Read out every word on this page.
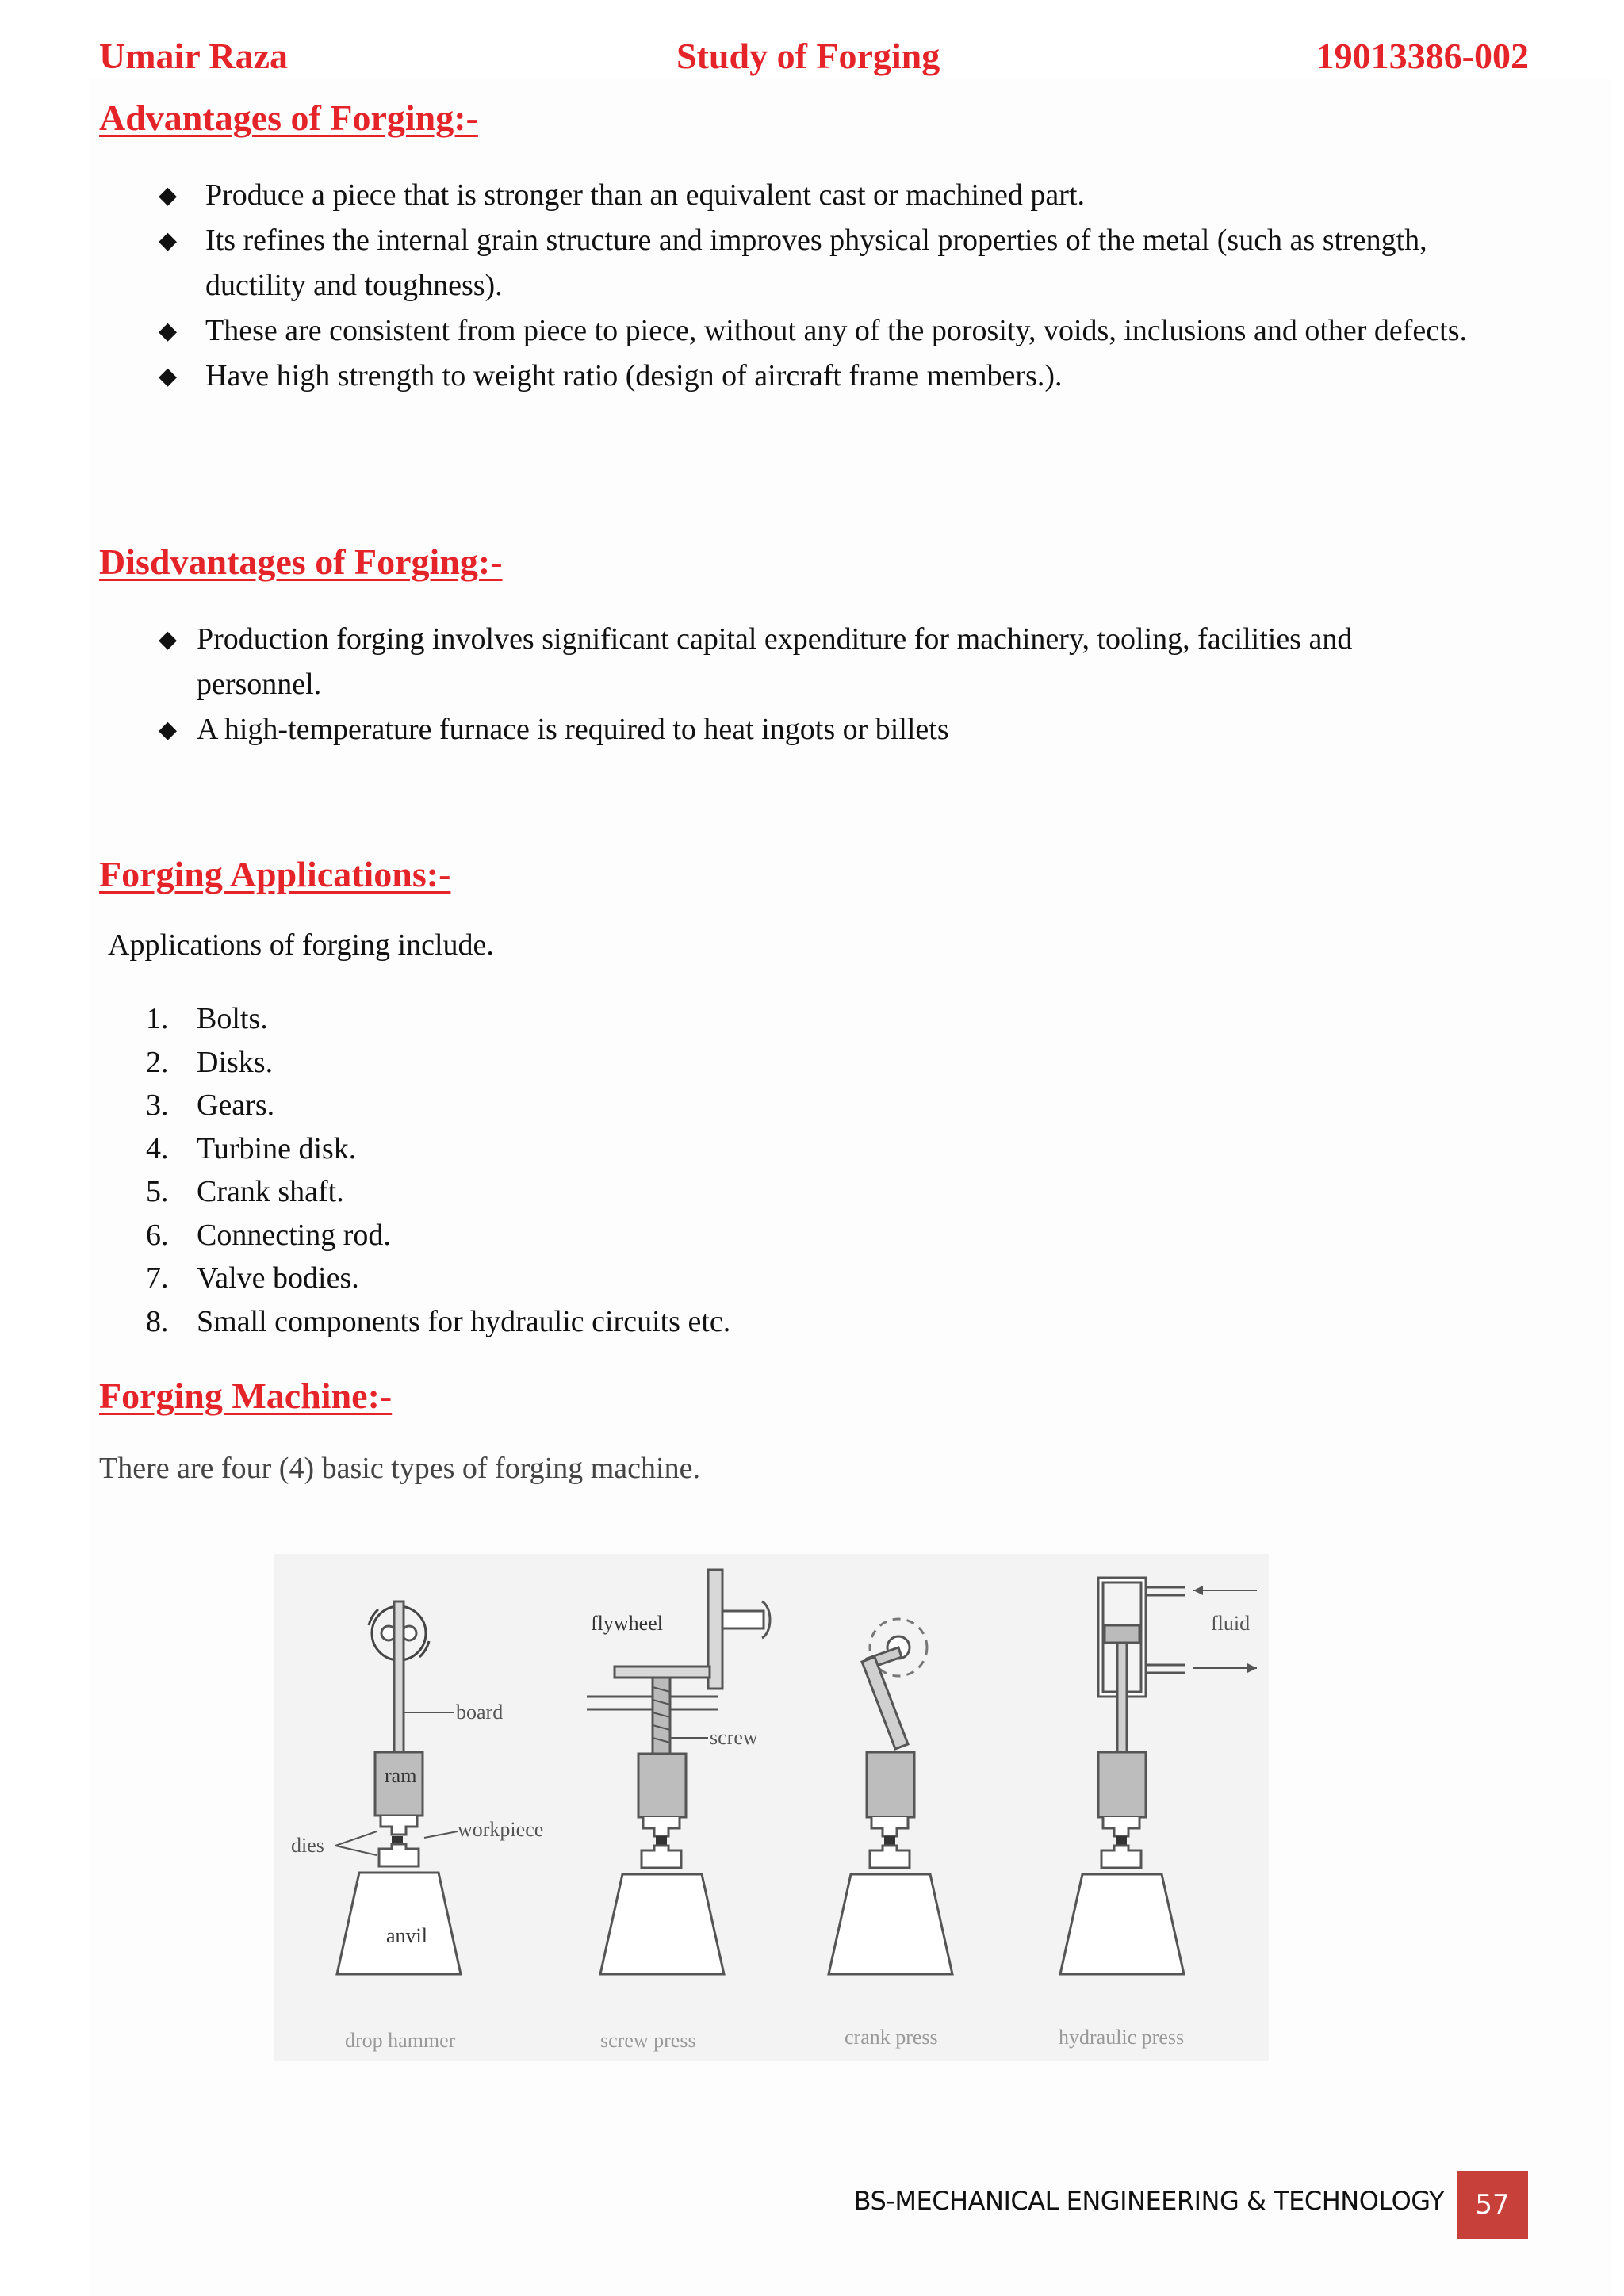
Umair Raza	Study of Forging	19013386-002
Advantages of Forging:-
◆ Produce a piece that is stronger than an equivalent cast or machined part.
◆ Its refines the internal grain structure and improves physical properties of the metal (such as strength, ductility and toughness).
◆ These are consistent from piece to piece, without any of the porosity, voids, inclusions and other defects.
◆ Have high strength to weight ratio (design of aircraft frame members.).
Disdvantages of Forging:-
◆ Production forging involves significant capital expenditure for machinery, tooling, facilities and personnel.
◆ A high-temperature furnace is required to heat ingots or billets
Forging Applications:-

Applications of forging include.

1. Bolts.
2. Disks.
3. Gears.
4. Turbine disk.
5. Crank shaft.
6. Connecting rod.
7. Valve bodies.
8. Small components for hydraulic circuits etc.
Forging Machine:-

There are four (4) basic types of forging machine.

board
ram
dies
workpiece
anvil
flywheel
screw
fluid
drop hammer	screw press	crank press	hydraulic press
BS-MECHANICAL ENGINEERING & TECHNOLOGY	57
